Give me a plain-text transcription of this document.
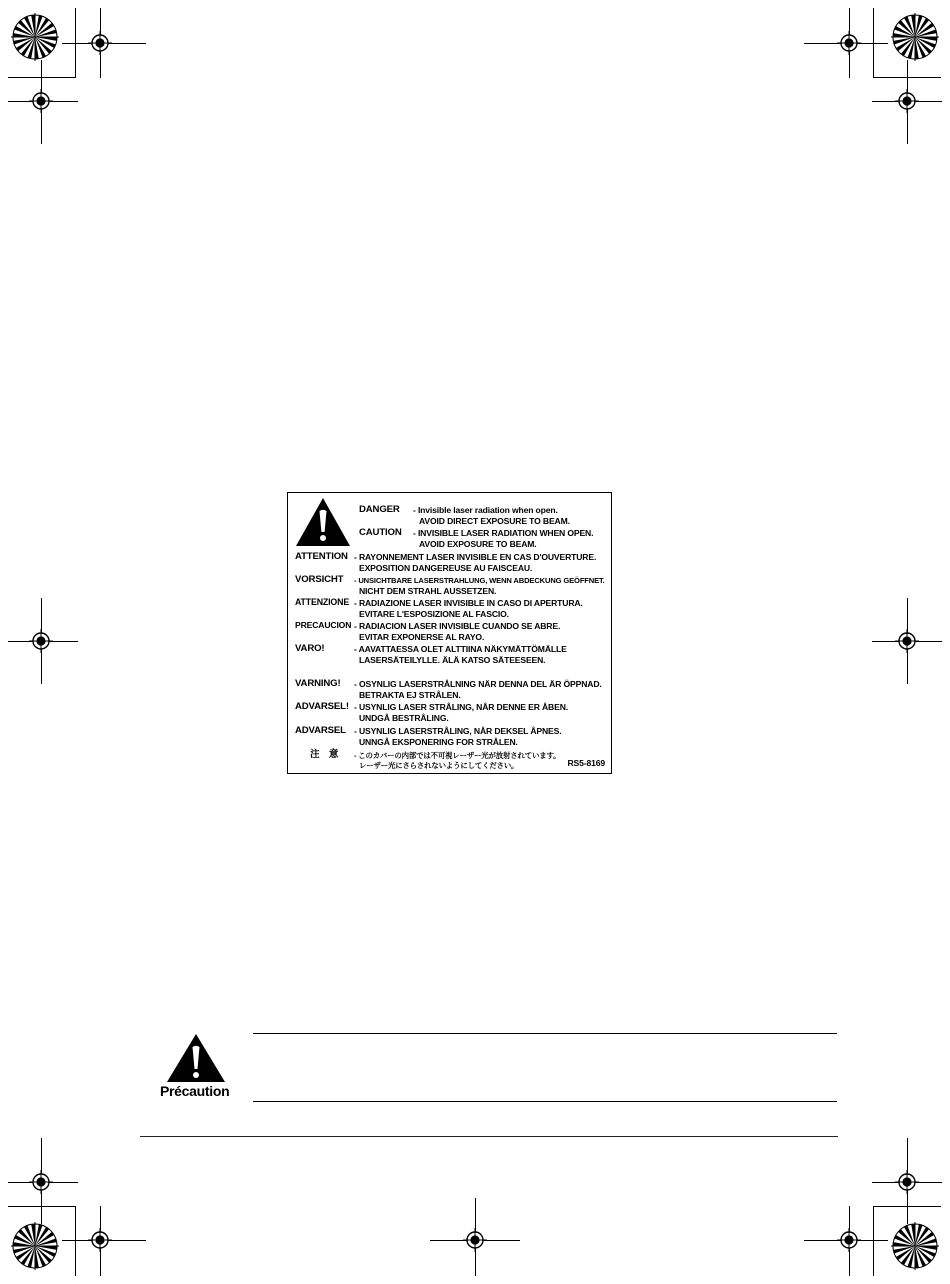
DANGER - Invisible laser radiation when open.
AVOID DIRECT EXPOSURE TO BEAM.
CAUTION - INVISIBLE LASER RADIATION WHEN OPEN.
AVOID EXPOSURE TO BEAM.
ATTENTION - RAYONNEMENT LASER INVISIBLE EN CAS D'OUVERTURE.
EXPOSITION DANGEREUSE AU FAISCEAU.
VORSICHT - UNSICHTBARE LASERSTRAHLUNG, WENN ABDECKUNG GEÖFFNET.
NICHT DEM STRAHL AUSSETZEN.
ATTENZIONE - RADIAZIONE LASER INVISIBLE IN CASO DI APERTURA.
EVITARE L'ESPOSIZIONE AL FASCIO.
PRECAUCION - RADIACION LASER INVISIBLE CUANDO SE ABRE.
EVITAR EXPONERSE AL RAYO.
VARO!	- AAVATTAESSA OLET ALTTIINA NÄKYMÄTTÖMÄLLE
LASERSÄTEILYLLE. ÄLÄ KATSO SÄTEESEEN.
VARNING! - OSYNLIG LASERSTRÅLNING NÄR DENNA DEL ÄR ÖPPNAD.
BETRAKTA EJ STRÅLEN.
ADVARSEL! - USYNLIG LASER STRÅLING, NÅR DENNE ER ÅBEN.
UNDGÅ BESTRÅLING.
ADVARSEL - USYNLIG LASERSTRÅLING, NÅR DEKSEL ÅPNES.
UNNGÅ EKSPONERING FOR STRÅLEN.
注　意 - このカバーの内部では不可視レーザー光が放射されています。
レーザー光にさらされないようにしてください。	RS5-8169
Précaution
